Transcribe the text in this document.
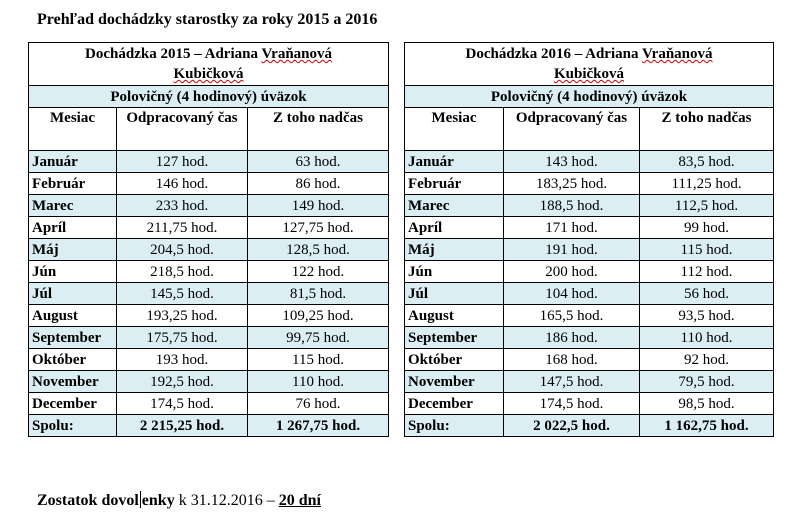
Prehľad dochádzky starostky za roky 2015 a 2016
Dochádzka 2015 – Adriana Vraňanová
Kubičková		
Polovičný (4 hodinový) úväzok		
Mesiac	Odpracovaný čas	Z toho nadčas
Január	127 hod.	63 hod.
Február	146 hod.	86 hod.
Marec	233 hod.	149 hod.
Apríl	211,75 hod.	127,75 hod.
Máj	204,5 hod.	128,5 hod.
Jún	218,5 hod.	122 hod.
Júl	145,5 hod.	81,5 hod.
August	193,25 hod.	109,25 hod.
September	175,75 hod.	99,75 hod.
Október	193 hod.	115 hod.
November	192,5 hod.	110 hod.
December	174,5 hod.	76 hod.
Spolu:	2 215,25 hod.	1 267,75 hod.
Dochádzka 2016 – Adriana Vraňanová
Kubičková		
Polovičný (4 hodinový) úväzok		
Mesiac	Odpracovaný čas	Z toho nadčas
Január	143 hod.	83,5 hod.
Február	183,25 hod.	111,25 hod.
Marec	188,5 hod.	112,5 hod.
Apríl	171 hod.	99 hod.
Máj	191 hod.	115 hod.
Jún	200 hod.	112 hod.
Júl	104 hod.	56 hod.
August	165,5 hod.	93,5 hod.
September	186 hod.	110 hod.
Október	168 hod.	92 hod.
November	147,5 hod.	79,5 hod.
December	174,5 hod.	98,5 hod.
Spolu:	2 022,5 hod.	1 162,75 hod.
Zostatok dovol enky k 31.12.2016 – 20 dní
